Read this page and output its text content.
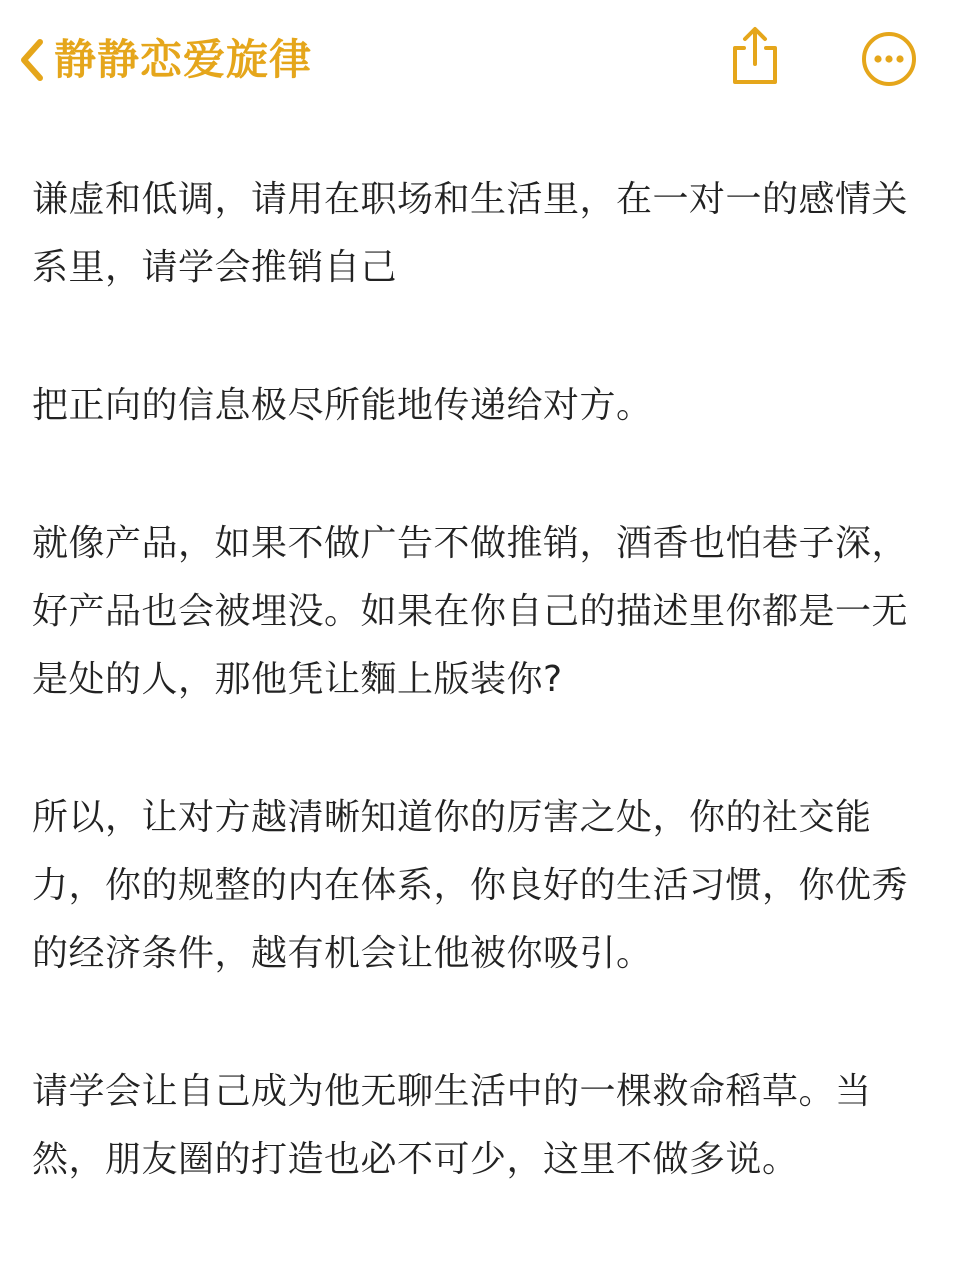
静静恋爱旋律

谦虚和低调，请用在职场和生活里，在一对一的感情关系里，请学会推销自己

把正向的信息极尽所能地传递给对方。

就像产品，如果不做广告不做推销，酒香也怕巷子深，好产品也会被埋没。如果在你自己的描述里你都是一无是处的人，那他凭让麵上版装你?

所以，让对方越清晰知道你的厉害之处，你的社交能力，你的规整的内在体系，你良好的生活习惯，你优秀的经济条件，越有机会让他被你吸引。

请学会让自己成为他无聊生活中的一棵救命稻草。当然，朋友圈的打造也必不可少，这里不做多说。
